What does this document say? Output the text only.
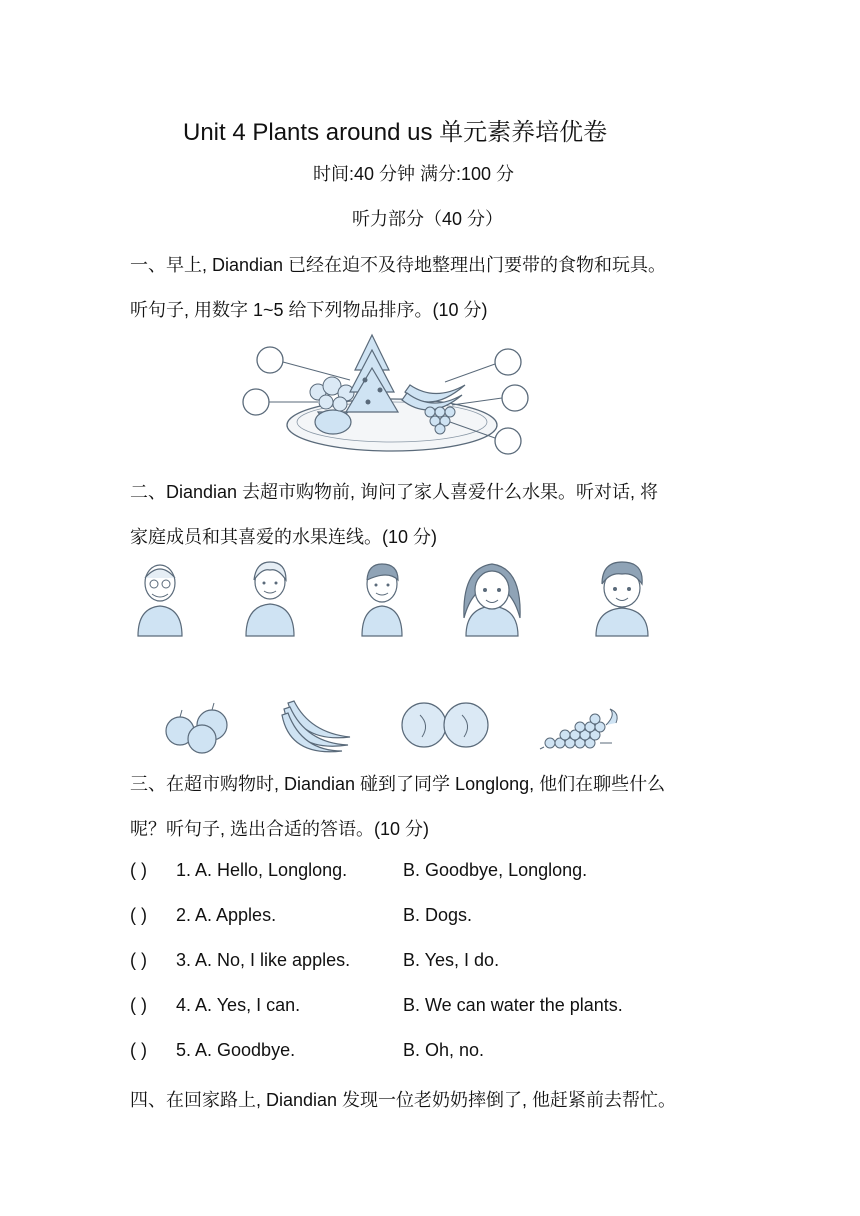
Unit 4 Plants around us 单元素养培优卷
时间:40 分钟 满分:100 分
听力部分（40 分）
一、早上, Diandian 已经在迫不及待地整理出门要带的食物和玩具。
听句子, 用数字 1~5 给下列物品排序。(10 分)
二、Diandian 去超市购物前, 询问了家人喜爱什么水果。听对话, 将
家庭成员和其喜爱的水果连线。(10 分)
三、在超市购物时, Diandian 碰到了同学 Longlong, 他们在聊些什么
呢？听句子, 选出合适的答语。(10 分)
( ) 1. A. Hello, Longlong.	B. Goodbye, Longlong.
( ) 2. A. Apples.	B. Dogs.
( ) 3. A. No, I like apples.	B. Yes, I do.
( ) 4. A. Yes, I can.	B. We can water the plants.
( ) 5. A. Goodbye.	B. Oh, no.
四、在回家路上, Diandian 发现一位老奶奶摔倒了, 他赶紧前去帮忙。
